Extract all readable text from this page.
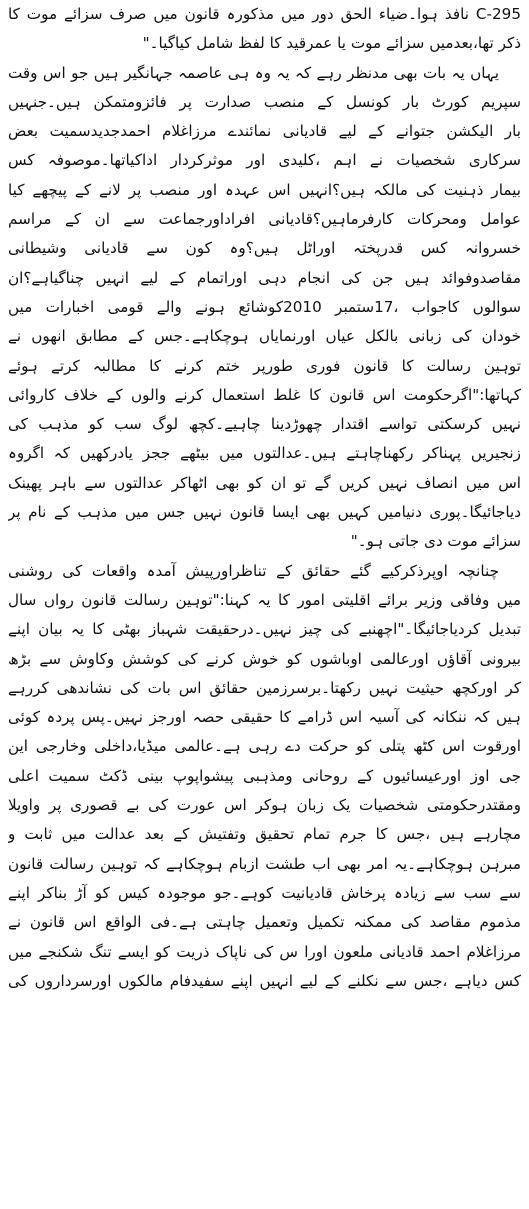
295-C نافذ ہوا۔ضیاء الحق دور میں مذکورہ قانون میں صرف سزائے موت کا
ذکر تھا،بعدمیں سزائے موت یا عمرقید کا لفظ شامل کیاگیا۔"
یہاں یہ بات بھی مدنظر رہے کہ یہ وہ ہی عاصمہ جہانگیر ہیں جو اس وقت
سپریم کورٹ بار کونسل کے منصب صدارت پر فائزومتمکن ہیں۔جنہیں
بار الیکشن جتوانے کے لیے قادیانی نمائندے مرزاغلام احمدجدیدسمیت بعض
سرکاری شخصیات نے اہم ،کلیدی اور موثرکردار اداکیاتھا۔موصوفہ کس
بیمار ذہنیت کی مالکہ ہیں؟انہیں اس عہدہ اور منصب پر لانے کے پیچھے کیا
عوامل ومحرکات کارفرماہیں؟قادیانی افراداورجماعت سے ان کے مراسم
خسروانہ کس قدرپختہ اوراٹل ہیں؟وہ کون سے قادیانی وشیطانی
مقاصدوفوائد ہیں جن کی انجام دہی اوراتمام کے لیے انہیں چناگیاہے؟ان
سوالوں کاجواب ،17ستمبر 2010کوشائع ہونے والے قومی اخبارات میں
خودان کی زبانی بالکل عیاں اورنمایاں ہوچکاہے۔جس کے مطابق انھوں نے
توہین رسالت کا قانون فوری طورپر ختم کرنے کا مطالبہ کرتے ہوئے
کہاتھا:"اگرحکومت اس قانون کا غلط استعمال کرنے والوں کے خلاف کاروائی
نہیں کرسکتی تواسے اقتدار چھوڑدینا چاہیے۔کچھ لوگ سب کو مذہب کی
زنجیریں پہناکر رکھناچاہتے ہیں۔عدالتوں میں بیٹھے ججز یادرکھیں کہ اگروہ
اس میں انصاف نہیں کریں گے تو ان کو بھی اٹھاکر عدالتوں سے باہر پھینک
دیاجائیگا۔پوری دنیامیں کہیں بھی ایسا قانون نہیں جس میں مذہب کے نام پر
سزائے موت دی جاتی ہو۔"
چنانچہ اوپرذکرکیے گئے حقائق کے تناظراورپیش آمدہ واقعات کی روشنی
میں وفاقی وزیر برائے اقلیتی امور کا یہ کہنا:"توہین رسالت قانون رواں سال
تبدیل کردیاجائیگا۔"اچھنبے کی چیز نہیں۔درحقیقت شہباز بھٹی کا یہ بیان اپنے
بیرونی آقاؤں اورعالمی اوباشوں کو خوش کرنے کی کوشش وکاوش سے بڑھ
کر اورکچھ حیثیت نہیں رکھتا۔برسرزمین حقائق اس بات کی نشاندھی کررہے
ہیں کہ ننکانہ کی آسیہ اس ڈرامے کا حقیقی حصہ اورجز نہیں۔پس پردہ کوئی
اورقوت اس کٹھ پتلی کو حرکت دے رہی ہے۔عالمی میڈیا،داخلی وخارجی این
جی اوز اورعیسائیوں کے روحانی ومذہبی پیشواپوپ بینی ڈکٹ سمیت اعلی
ومقتدرحکومتی شخصیات یک زبان ہوکر اس عورت کی بے قصوری پر واویلا
مچارہے ہیں ،جس کا جرم تمام تحقیق وتفتیش کے بعد عدالت میں ثابت و
مبرہن ہوچکاہے۔یہ امر بھی اب طشت ازبام ہوچکاہے کہ توہین رسالت قانون
سے سب سے زیادہ پرخاش قادیانیت کوہے۔جو موجودہ کیس کو آڑ بناکر اپنے
مذموم مقاصد کی ممکنہ تکمیل وتعمیل چاہتی ہے۔فی الواقع اس قانون نے
مرزاغلام احمد قادیانی ملعون اورا س کی ناپاک ذریت کو ایسے تنگ شکنجے میں
کس دیاہے ،جس سے نکلنے کے لیے انہیں اپنے سفیدفام مالکوں اورسرداروں کی
